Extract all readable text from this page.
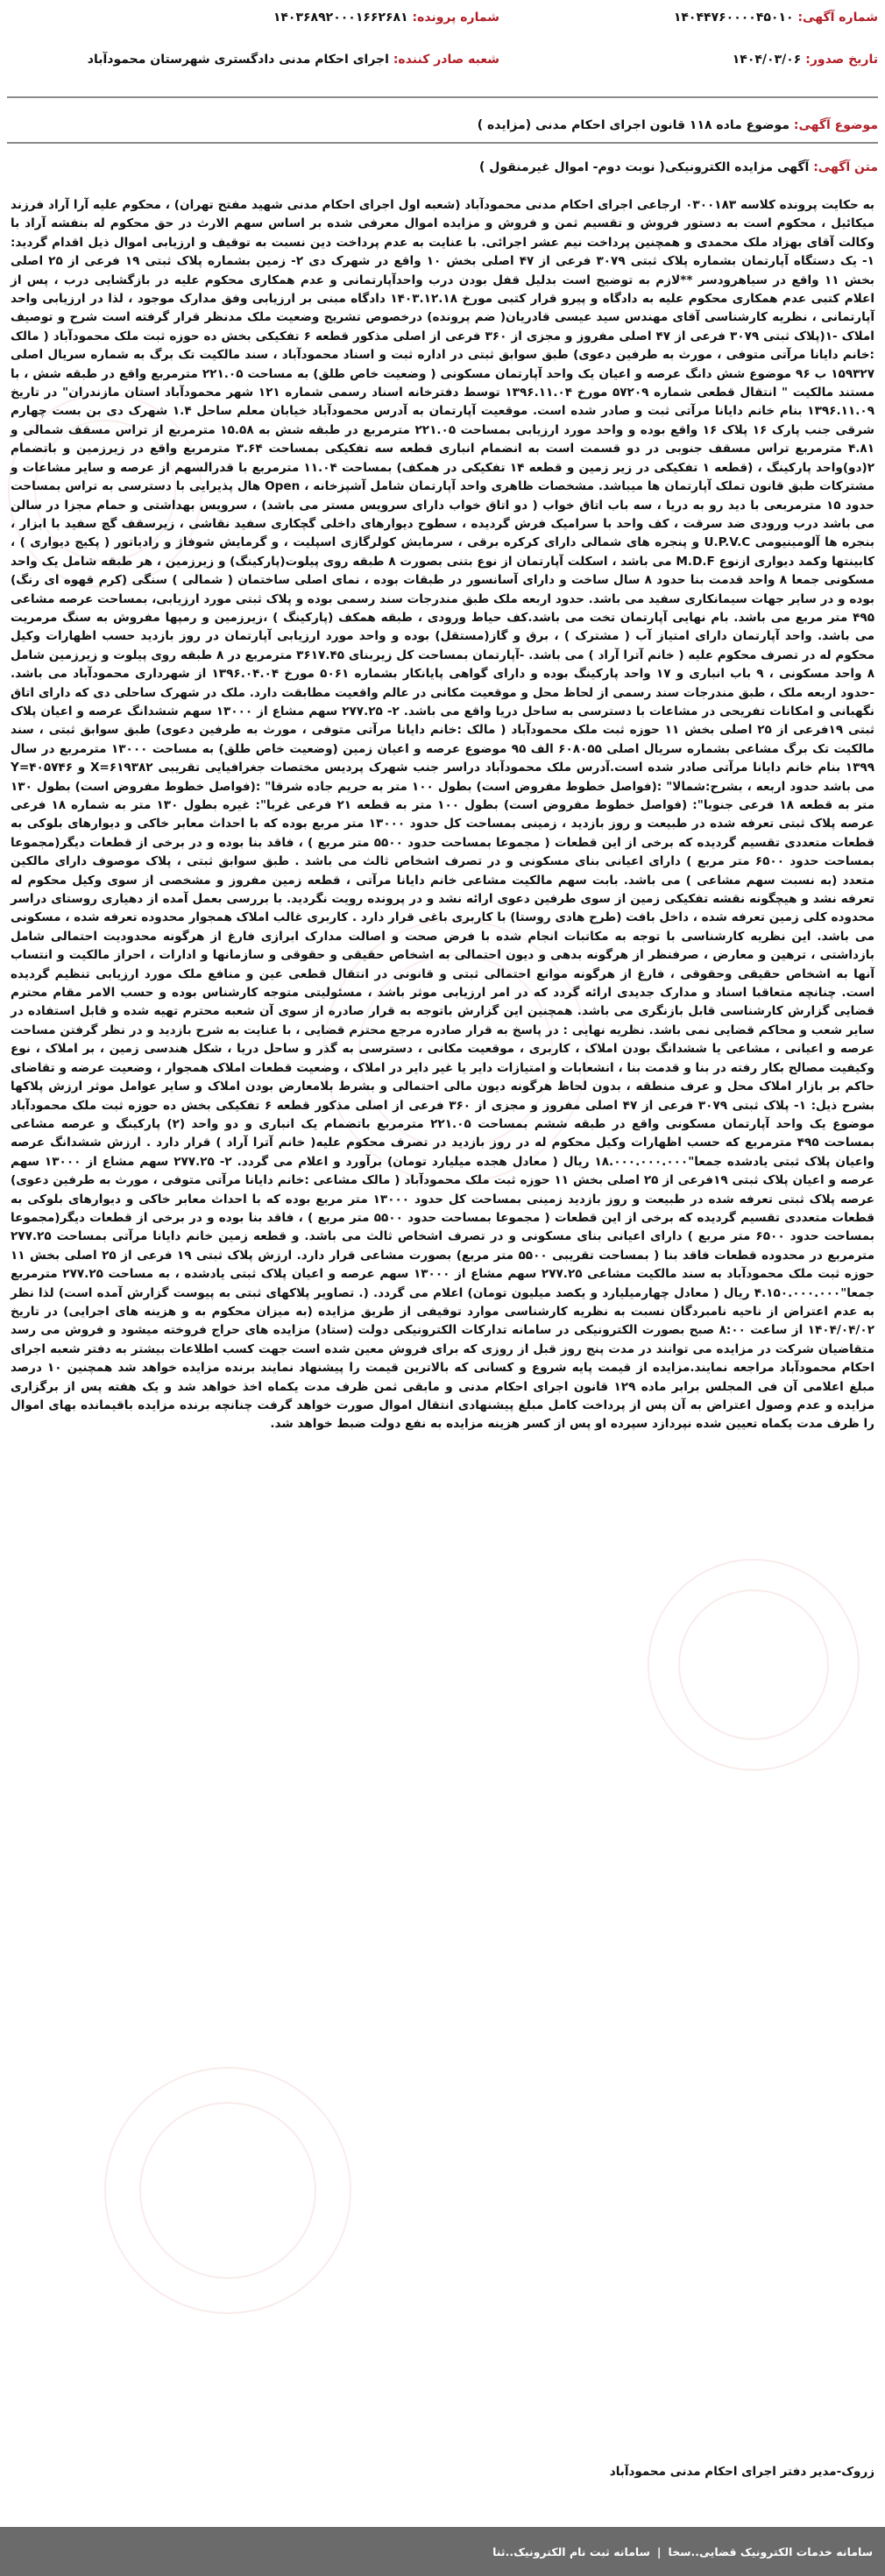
شماره آگهی: ۱۴۰۴۴۷۶۰۰۰۰۴۵۰۱۰
شماره پرونده: ۱۴۰۳۶۸۹۲۰۰۰۱۶۶۲۶۸۱
تاریخ صدور: ۱۴۰۴/۰۳/۰۶
شعبه صادر کننده: اجرای احکام مدنی دادگستری شهرستان محمودآباد
موضوع آگهی: موضوع ماده ۱۱۸ قانون اجرای احکام مدنی (مزایده )
متن آگهی: آگهی مزایده الکترونیکی( نوبت دوم- اموال غیرمنقول )
به حکایت پرونده کلاسه ۰۳۰۰۱۸۳ ارجاعی اجرای احکام مدنی محمودآباد (شعبه اول اجرای احکام مدنی شهید مفتح تهران) ، محکوم علیه آرا آراد فرزند میکائیل ، محکوم است به دستور فروش و تقسیم ثمن و فروش و مزایده اموال معرفی شده بر اساس سهم الارث در حق محکوم له بنفشه آراد با وکالت آقای بهزاد ملک محمدی و همچنین پرداخت نیم عشر اجرائی. با عنایت به عدم پرداخت دین نسبت به توقیف و ارزیابی اموال ذیل اقدام گردید: ۱- یک دستگاه آپارتمان بشماره پلاک ثبتی ۳۰۷۹ فرعی از ۴۷ اصلی بخش ۱۰ واقع در شهرک دی ۲- زمین بشماره پلاک ثبتی ۱۹ فرعی از ۲۵ اصلی بخش ۱۱ واقع در سیاهرودسر **لازم به توضیح است بدلیل قفل بودن درب واحدآپارتمانی و عدم همکاری محکوم علیه در بازگشایی درب ، پس از اعلام کتبی عدم همکاری محکوم علیه به دادگاه و پیرو قرار کتبی مورخ ۱۴۰۳.۱۲.۱۸ دادگاه مبنی بر ارزیابی وفق مدارک موجود ، لذا در ارزیابی واحد آپارتمانی ، نظریه کارشناسی آقای مهندس سید عیسی قادریان( ضم پرونده) درخصوص تشریح وضعیت ملک مدنظر قرار گرفته است شرح و توصیف املاک -۱(پلاک ثبتی ۳۰۷۹ فرعی از ۴۷ اصلی مفروز و مجزی از ۳۶۰ فرعی از اصلی مذکور قطعه ۶ تفکیکی بخش ده حوزه ثبت ملک محمودآباد ( مالک :خانم دایانا مرآتی متوفی ، مورث به طرفین دعوی) طبق سوابق ثبتی در اداره ثبت و اسناد محمودآباد ، سند مالکیت تک برگ به شماره سریال اصلی ۱۵۹۳۲۷ ب ۹۶ موضوع شش دانگ عرصه و اعیان یک واحد آپارتمان مسکونی ( وضعیت خاص طلق) به مساحت ۲۲۱.۰۵ مترمربع واقع در طبقه شش ، با مستند مالکیت " انتقال قطعی شماره ۵۷۲۰۹ مورخ ۱۳۹۶.۱۱.۰۴ توسط دفترخانه اسناد رسمی شماره ۱۲۱ شهر محمودآباد استان مازندران" در تاریخ ۱۳۹۶.۱۱.۰۹ بنام خانم دایانا مرآتی ثبت و صادر شده است. موقعیت آپارتمان به آدرس محمودآباد خیابان معلم ساحل ۱.۴ شهرک دی بن بست چهارم شرقی جنب پارک ۱۶ پلاک ۱۶ واقع بوده و واحد مورد ارزیابی بمساحت ۲۲۱.۰۵ مترمربع در طبقه شش به ۱۵.۵۸ مترمربع از تراس مسقف شمالی و ۴.۸۱ مترمربع تراس مسقف جنوبی در دو قسمت است به انضمام انباری قطعه سه تفکیکی بمساحت ۳.۶۴ مترمربع واقع در زیرزمین و باتضمام ۲(دو)واحد پارکینگ ، (قطعه ۱ تفکیکی در زیر زمین و قطعه ۱۴ تفکیکی در همکف) بمساحت ۱۱.۰۴ مترمربع با قدرالسهم از عرصه و سایر مشاعات و مشترکات طبق قانون تملک آپارتمان ها میباشد. مشخصات ظاهری واحد آپارتمان شامل آشپزخانه ، Open هال پذیرایی با دسترسی به تراس بمساحت حدود ۱۵ مترمربعی با دید رو به دریا ، سه باب اتاق خواب ( دو اتاق خواب دارای سرویس مستر می باشد) ، سرویس بهداشتی و حمام مجزا در سالن می باشد درب ورودی ضد سرقت ، کف واحد با سرامیک فرش گردیده ، سطوح دیوارهای داخلی گچکاری سفید نقاشی ، زیرسقف گچ سفید با ابزار ، بنجره ها آلومینیومی U.P.V.C و پنجره های شمالی دارای کرکره برقی ، سرمایش کولرگازی اسپلیت ، و گرمایش شوفاژ و رادیاتور ( پکیج دیواری ) ، کابینتها وکمد دیواری ازنوع M.D.F می باشد ، اسکلت آپارتمان از نوع بتنی بصورت ۸ طبقه روی پیلوت(پارکینگ) و زیرزمین ، هر طبقه شامل یک واحد مسکونی جمعا ۸ واحد قدمت بنا حدود ۸ سال ساخت و دارای آسانسور در طبقات بوده ، نمای اصلی ساختمان ( شمالی ) سنگی (کرم قهوه ای رنگ) بوده و در سایر جهات سیمانکاری سفید می باشد. حدود اربعه ملک طبق مندرجات سند رسمی بوده و پلاک ثبتی مورد ارزیابی، بمساحت عرصه مشاعی ۴۹۵ متر مربع می باشد. بام نهایی آپارتمان تخت می باشد.کف حیاط ورودی ، طبقه همکف (پارکینگ ) ،زیرزمین و رمپها مفروش به سنگ مرمریت می باشد. واحد آپارتمان دارای امتیاز آب ( مشترک ) ، برق و گاز(مستقل) بوده و واحد مورد ارزیابی آپارتمان در روز بازدید حسب اظهارات وکیل محکوم له در تصرف محکوم علیه ( خانم آترا آراد ) می باشد. -آپارتمان بمساحت کل زیربنای ۳۶۱۷.۴۵ مترمربع در ۸ طبقه روی پیلوت و زیرزمین شامل ۸ واحد مسکونی ، ۹ باب انباری و ۱۷ واحد پارکینگ بوده و دارای گواهی پایانکار بشماره ۵۰۶۱ مورخ ۱۳۹۶.۰۴.۰۴ از شهرداری محمودآباد می باشد. -حدود اربعه ملک ، طبق مندرجات سند رسمی از لحاظ محل و موقعیت مکانی در عالم واقعیت مطابقت دارد. ملک در شهرک ساحلی دی که دارای اتاق نگهبانی و امکانات تفریحی در مشاعات با دسترسی به ساحل دریا واقع می باشد. ۲- ۲۷۷.۲۵ سهم مشاع از ۱۳۰۰۰ سهم ششدانگ عرصه و اعیان پلاک ثبتی ۱۹فرعی از ۲۵ اصلی بخش ۱۱ حوزه ثبت ملک محمودآباد ( مالک :خانم دایانا مرآتی متوفی ، مورث به طرفین دعوی) طبق سوابق ثبتی ، سند مالکیت تک برگ مشاعی بشماره سریال اصلی ۶۰۸۰۵۵ الف ۹۵ موضوع عرصه و اعیان زمین (وضعیت خاص طلق) به مساحت ۱۳۰۰۰ مترمربع در سال ۱۳۹۹ بنام خانم دایانا مرآتی صادر شده است.آدرس ملک محمودآباد دراسر جنب شهرک پردیس مختصات جغرافیایی تقریبی X=۶۱۹۳۸۲ و Y=۴۰۵۷۴۶ می باشد حدود اربعه ، بشرح:شمالا" :(فواصل خطوط مفروض است) بطول ۱۰۰ متر به حریم جاده شرقا" :(فواصل خطوط مفروض است) بطول ۱۳۰ متر به قطعه ۱۸ فرعی جنوبا": (فواصل خطوط مفروض است) بطول ۱۰۰ متر به قطعه ۲۱ فرعی غربا": غیره بطول ۱۳۰ متر به شماره ۱۸ فرعی عرصه پلاک ثبتی تعرفه شده در طبیعت و روز بازدید ، زمینی بمساحت کل حدود ۱۳۰۰۰ متر مربع بوده که با احداث معابر خاکی و دیوارهای بلوکی به قطعات متعددی تقسیم گردیده که برخی از این قطعات ( مجموعا بمساحت حدود ۵۵۰۰ متر مربع ) ، فاقد بنا بوده و در برخی از قطعات دیگر(مجموعا بمساحت حدود ۶۵۰۰ متر مربع ) دارای اعیانی بنای مسکونی و در تصرف اشخاص ثالث می باشد . طبق سوابق ثبتی ، پلاک موصوف دارای مالکین متعدد (به نسبت سهم مشاعی ) می باشد. بابت سهم مالکیت مشاعی خانم دایانا مرآتی ، قطعه زمین مفروز و مشخصی از سوی وکیل محکوم له تعرفه نشد و هیچگونه نقشه تفکیکی زمین از سوی طرفین دعوی ارائه نشد و در پرونده رویت نگردید. با بررسی بعمل آمده از دهیاری روستای دراسر محدوده کلی زمین تعرفه شده ، داخل بافت (طرح هادی روستا) با کاربری باغی قرار دارد . کاربری غالب املاک همجوار محدوده تعرفه شده ، مسکونی می باشد. این نظریه کارشناسی با توجه به مکاتبات انجام شده با فرض صحت و اصالت مدارک ابرازی فارغ از هرگونه محدودیت احتمالی شامل بازداشتی ، ترهین و معارض ، صرفنظر از هرگونه بدهی و دیون احتمالی به اشخاص حقیقی و حقوقی و سازمانها و ادارات ، احراز مالکیت و انتساب آنها به اشخاص حقیقی وحقوقی ، فارغ از هرگونه موانع احتمالی ثبتی و قانونی در انتقال قطعی عین و منافع ملک مورد ارزیابی تنظیم گردیده است. چنانچه متعاقبا اسناد و مدارک جدیدی ارائه گردد که در امر ارزیابی موثر باشد ، مسئولیتی متوجه کارشناس بوده و حسب الامر مقام محترم قضایی گزارش کارشناسی قابل بازنگری می باشد. همچنین این گزارش باتوجه به قرار صادره از سوی آن شعبه محترم تهیه شده و قابل استفاده در سایر شعب و محاکم قضایی نمی باشد. نظریه نهایی : در پاسخ به قرار صادره مرجع محترم قضایی ، با عنایت به شرح بازدید و در نظر گرفتن مساحت عرصه و اعیانی ، مشاعی یا ششدانگ بودن املاک ، کاربری ، موقعیت مکانی ، دسترسی به گذر و ساحل دریا ، شکل هندسی زمین ، بر املاک ، نوع وکیفیت مصالح بکار رفته در بنا و قدمت بنا ، انشعابات و امتیازات دایر یا غیر دایر در املاک ، وضعیت قطعات املاک همجوار ، وضعیت عرضه و تقاضای حاکم بر بازار املاک محل و عرف منطقه ، بدون لحاظ هرگونه دیون مالی احتمالی و بشرط بلامعارض بودن املاک و سایر عوامل موثر ارزش پلاکها بشرح ذیل: ۱- پلاک ثبتی ۳۰۷۹ فرعی از ۴۷ اصلی مفروز و مجزی از ۳۶۰ فرعی از اصلی مذکور قطعه ۶ تفکیکی بخش ده حوزه ثبت ملک محمودآباد موضوع یک واحد آپارتمان مسکونی واقع در طبقه ششم بمساحت ۲۲۱.۰۵ مترمربع باتضمام یک انباری و دو واحد (۲) پارکینگ و عرصه مشاعی بمساحت ۴۹۵ مترمربع که حسب اظهارات وکیل محکوم له در روز بازدید در تصرف محکوم علیه( خانم آترا آراد ) قرار دارد . ارزش ششدانگ عرصه واعیان پلاک ثبتی یادشده جمعا"۱۸.۰۰۰.۰۰۰.۰۰۰ ریال ( معادل هجده میلیارد تومان) برآورد و اعلام می گردد. ۲- ۲۷۷.۲۵ سهم مشاع از ۱۳۰۰۰ سهم عرصه و اعیان پلاک ثبتی ۱۹فرعی از ۲۵ اصلی بخش ۱۱ حوزه ثبت ملک محمودآباد ( مالک مشاعی :خانم دایانا مرآتی متوفی ، مورث به طرفین دعوی) عرصه پلاک ثبتی تعرفه شده در طبیعت و روز بازدید زمینی بمساحت کل حدود ۱۳۰۰۰ متر مربع بوده که با احداث معابر خاکی و دیوارهای بلوکی به قطعات متعددی تقسیم گردیده که برخی از این قطعات ( مجموعا بمساحت حدود ۵۵۰۰ متر مربع ) ، فاقد بنا بوده و در برخی از قطعات دیگر(مجموعا بمساحت حدود ۶۵۰۰ متر مربع ) دارای اعیانی بنای مسکونی و در تصرف اشخاص ثالث می باشد. و قطعه زمین خانم دایانا مرآتی بمساحت ۲۷۷.۲۵ مترمربع در محدوده قطعات فاقد بنا ( بمساحت تقریبی ۵۵۰۰ متر مربع) بصورت مشاعی قرار دارد. ارزش پلاک ثبتی ۱۹ فرعی از ۲۵ اصلی بخش ۱۱ حوزه ثبت ملک محمودآباد به سند مالکیت مشاعی ۲۷۷.۲۵ سهم مشاع از ۱۳۰۰۰ سهم عرصه و اعیان پلاک ثبتی یادشده ، به مساحت ۲۷۷.۲۵ مترمربع جمعا"۴.۱۵۰.۰۰۰.۰۰۰ ریال ( معادل چهارمیلیارد و یکصد میلیون تومان) اعلام می گردد. (. تصاویر پلاکهای ثبتی به پیوست گزارش آمده است) لذا نظر به عدم اعتراض از ناحیه نامبردگان نسبت به نظریه کارشناسی موارد توقیفی از طریق مزایده (به میزان محکوم به و هزینه های اجرایی) در تاریخ ۱۴۰۴/۰۴/۰۲ از ساعت ۸:۰۰ صبح بصورت الکترونیکی در سامانه تدارکات الکترونیکی دولت (ستاد) مزایده های حراج فروخته میشود و فروش می رسد متقاضیان شرکت در مزایده می توانند در مدت پنج روز قبل از روزی که برای فروش معین شده است جهت کسب اطلاعات بیشتر به دفتر شعبه اجرای احکام محمودآباد مراجعه نمایند.مزایده از قیمت پایه شروع و کسانی که بالاترین قیمت را پیشنهاد نمایند برنده مزایده خواهد شد همچنین ۱۰ درصد مبلغ اعلامی آن فی المجلس برابر ماده ۱۲۹ قانون اجرای احکام مدنی و مابقی ثمن ظرف مدت یکماه اخذ خواهد شد و یک هفته پس از برگزاری مزایده و عدم وصول اعتراض به آن پس از پرداخت کامل مبلغ پیشنهادی انتقال اموال صورت خواهد گرفت چنانچه برنده مزایده باقیمانده بهای اموال را ظرف مدت یکماه تعیین شده نپردازد سپرده او پس از کسر هزینه مزایده به نفع دولت ضبط خواهد شد.
زروک-مدیر دفتر اجرای احکام مدنی محمودآباد
سامانه خدمات الکترونیک قضایی..سخا
|
سامانه ثبت نام الکترونیک..ثنا
